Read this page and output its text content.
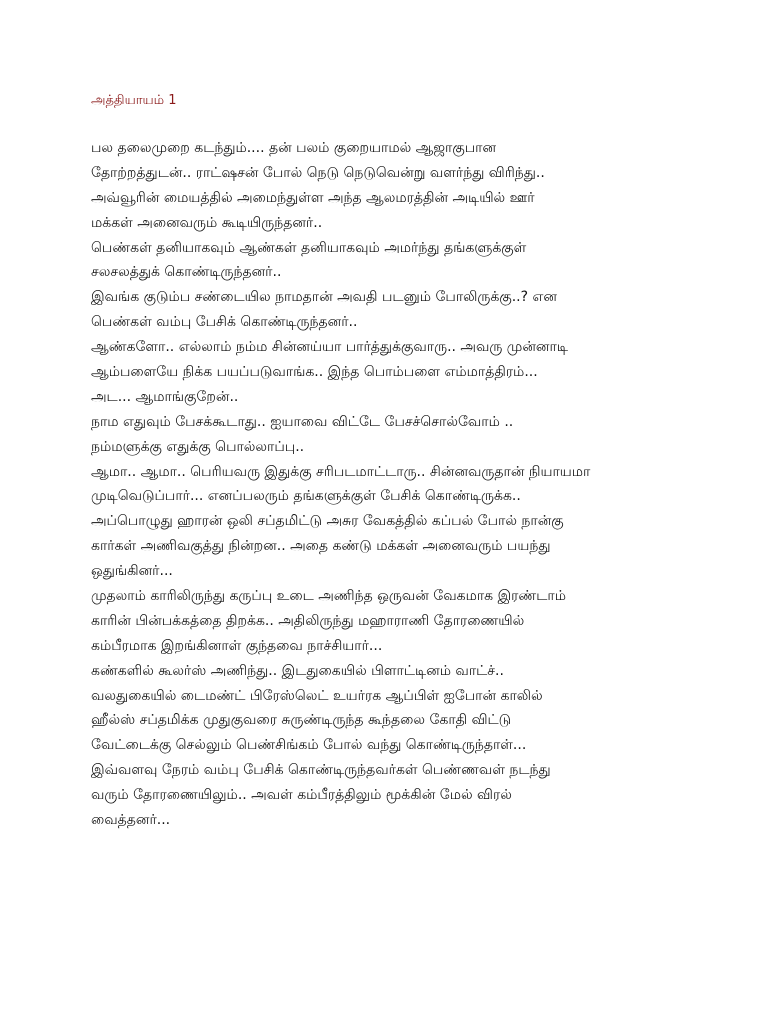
அத்தியாயம் 1
பல தலைமுறை கடந்தும்.... தன் பலம் குறையாமல் ஆஜாகுபான
தோற்றத்துடன்.. ராட்ஷசன் போல் நெடு நெடுவென்று வளர்ந்து விரிந்து..
அவ்வூரின் மையத்தில் அமைந்துள்ள அந்த ஆலமரத்தின் அடியில் ஊர்
மக்கள் அனைவரும் கூடியிருந்தனர்..
பெண்கள் தனியாகவும் ஆண்கள் தனியாகவும் அமர்ந்து தங்களுக்குள்
சலசலத்துக் கொண்டிருந்தனர்..
இவங்க குடும்ப சண்டையில நாமதான் அவதி படனும் போலிருக்கு..? என
பெண்கள் வம்பு பேசிக் கொண்டிருந்தனர்..
ஆண்களோ.. எல்லாம் நம்ம சின்னய்யா பார்த்துக்குவாரு.. அவரு முன்னாடி
ஆம்பளையே நிக்க பயப்படுவாங்க.. இந்த பொம்பளை எம்மாத்திரம்...
அட... ஆமாங்குறேன்..
நாம எதுவும் பேசக்கூடாது.. ஐயாவை விட்டே பேசச்சொல்வோம் ..
நம்மளுக்கு எதுக்கு பொல்லாப்பு..
ஆமா.. ஆமா.. பெரியவரு இதுக்கு சரிபடமாட்டாரு.. சின்னவருதான் நியாயமா
முடிவெடுப்பார்... எனப்பலரும் தங்களுக்குள் பேசிக் கொண்டிருக்க..
அப்பொழுது ஹாரன் ஒலி சப்தமிட்டு அசுர வேகத்தில் கப்பல் போல் நான்கு
கார்கள் அணிவகுத்து நின்றன.. அதை கண்டு மக்கள் அனைவரும் பயந்து
ஒதுங்கினர்...
முதலாம் காரிலிருந்து கருப்பு உடை அணிந்த ஒருவன் வேகமாக இரண்டாம்
காரின் பின்பக்கத்தை திறக்க.. அதிலிருந்து மஹாராணி தோரணையில்
கம்பீரமாக இறங்கினாள் குந்தவை நாச்சியார்...
கண்களில் கூலர்ஸ் அணிந்து.. இடதுகையில் பிளாட்டினம் வாட்ச்..
வலதுகையில் டைமண்ட் பிரேஸ்லெட் உயர்ரக ஆப்பிள் ஐபோன் காலில்
ஹீல்ஸ் சப்தமிக்க முதுகுவரை சுருண்டிருந்த கூந்தலை கோதி விட்டு
வேட்டைக்கு செல்லும் பெண்சிங்கம் போல் வந்து கொண்டிருந்தாள்...
இவ்வளவு நேரம் வம்பு பேசிக் கொண்டிருந்தவர்கள் பெண்ணவள் நடந்து
வரும் தோரணையிலும்.. அவள் கம்பீரத்திலும் மூக்கின் மேல் விரல்
வைத்தனர்...
